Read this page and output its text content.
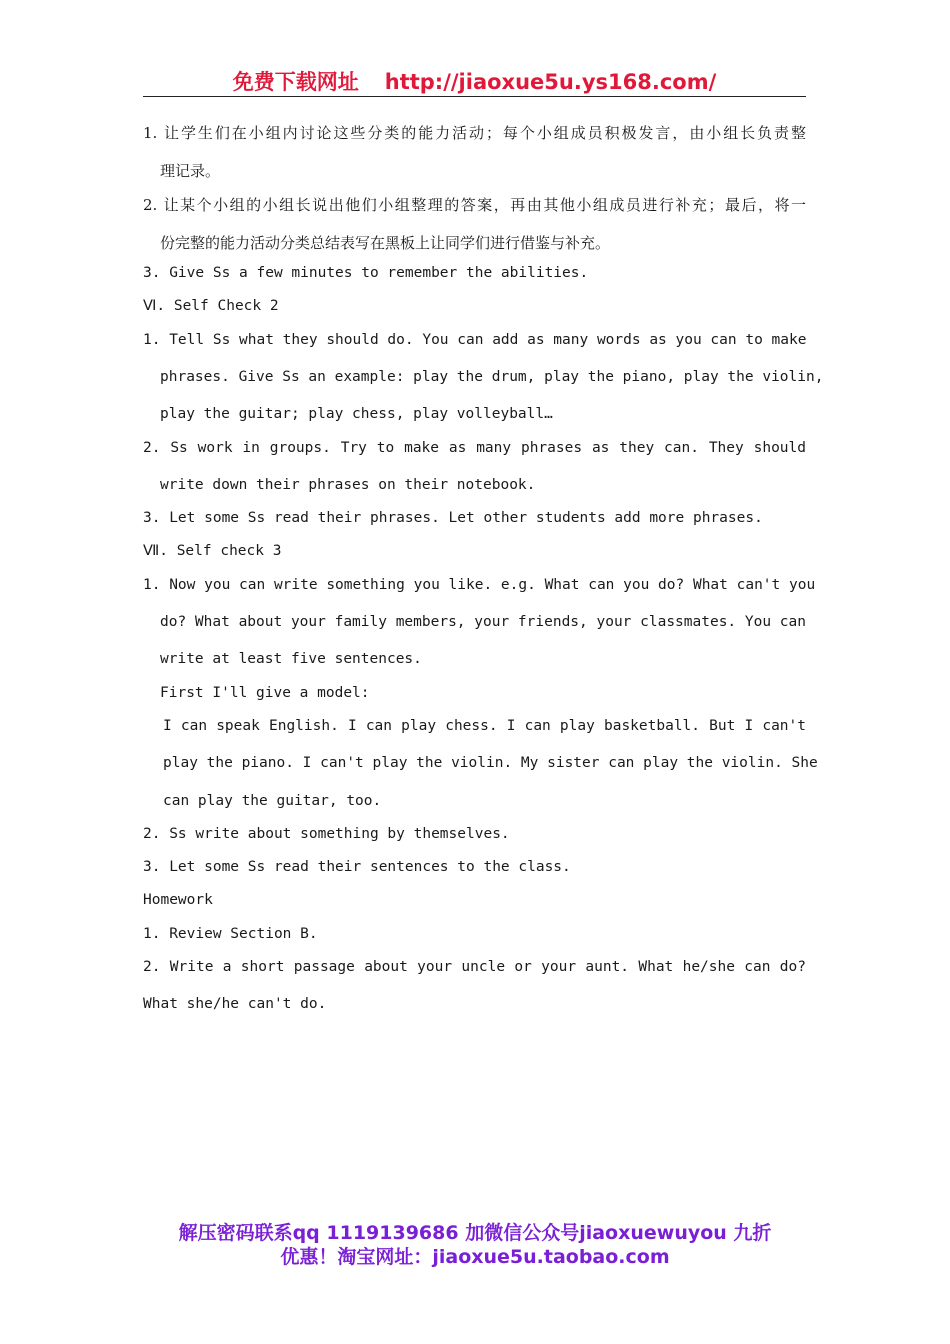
免费下载网址 http://jiaoxue5u.ys168.com/
1. 让学生们在小组内讨论这些分类的能力活动；每个小组成员积极发言，由小组长负责整
理记录。
2. 让某个小组的小组长说出他们小组整理的答案，再由其他小组成员进行补充；最后，将一
份完整的能力活动分类总结表写在黑板上让同学们进行借鉴与补充。
3. Give Ss a few minutes to remember the abilities.
Ⅵ. Self Check 2
1. Tell Ss what they should do. You can add as many words as you can to make
phrases. Give Ss an example: play the drum, play the piano, play the violin,
play the guitar; play chess, play volleyball…
2. Ss work in groups. Try to make as many phrases as they can. They should
write down their phrases on their notebook.
3. Let some Ss read their phrases. Let other students add more phrases.
Ⅶ. Self check 3
1. Now you can write something you like. e.g. What can you do? What can't you
do? What about your family members, your friends, your classmates. You can
write at least five sentences.
First I'll give a model:
I can speak English. I can play chess. I can play basketball. But I can't
play the piano. I can't play the violin. My sister can play the violin. She
can play the guitar, too.
2. Ss write about something by themselves.
3. Let some Ss read their sentences to the class.
Homework
1. Review Section B.
2. Write a short passage about your uncle or your aunt. What he/she can do?
What she/he can't do.
解压密码联系qq 1119139686 加微信公众号jiaoxuewuyou 九折
优惠！淘宝网址：jiaoxue5u.taobao.com
